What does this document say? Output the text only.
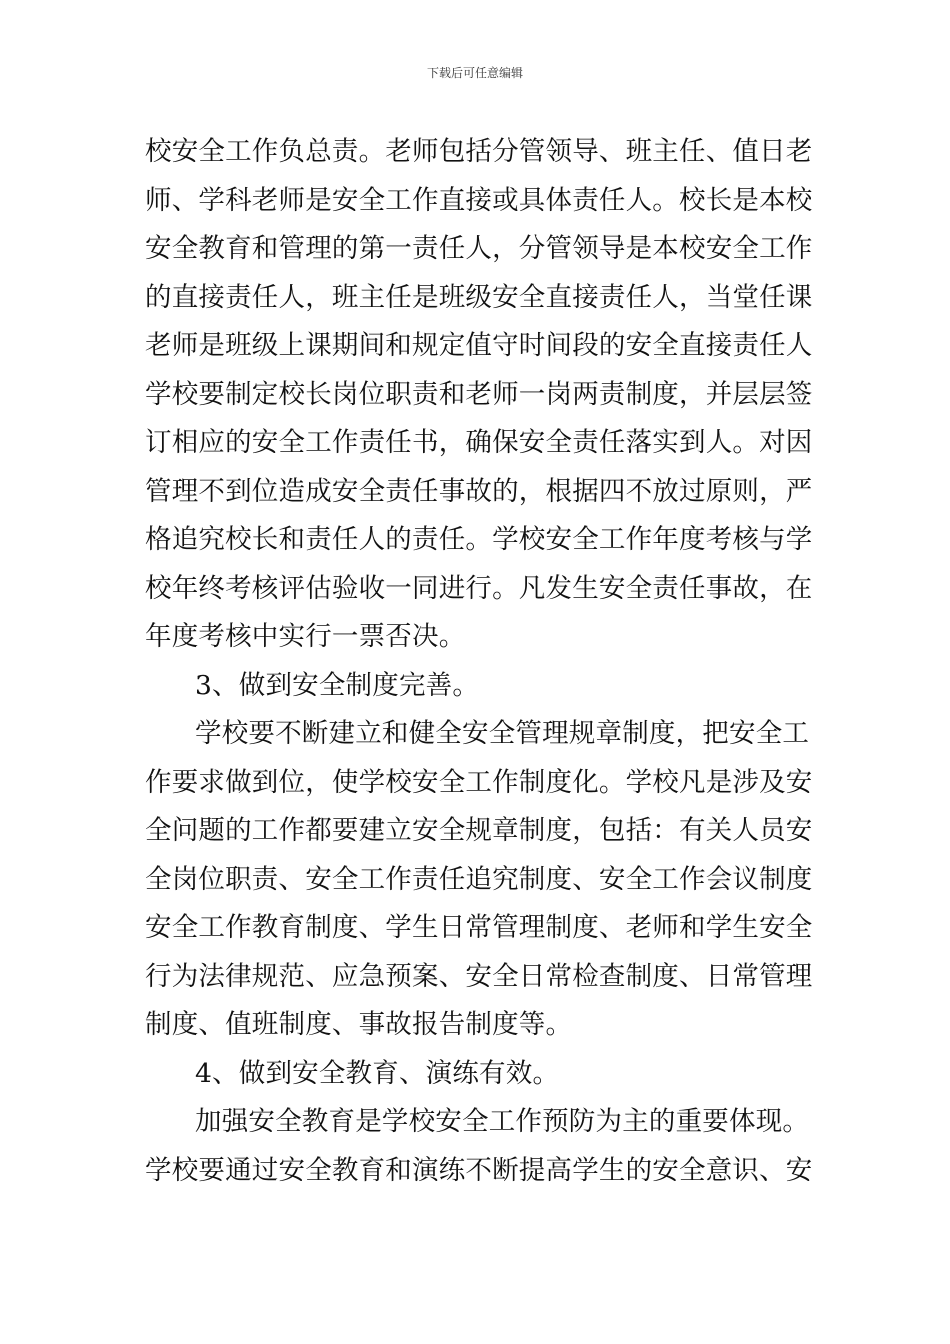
下载后可任意编辑
校安全工作负总责。老师包括分管领导、班主任、值日老
师、学科老师是安全工作直接或具体责任人。校长是本校
安全教育和管理的第一责任人，分管领导是本校安全工作
的直接责任人，班主任是班级安全直接责任人，当堂任课
老师是班级上课期间和规定值守时间段的安全直接责任人
学校要制定校长岗位职责和老师一岗两责制度，并层层签
订相应的安全工作责任书，确保安全责任落实到人。对因
管理不到位造成安全责任事故的，根据四不放过原则，严
格追究校长和责任人的责任。学校安全工作年度考核与学
校年终考核评估验收一同进行。凡发生安全责任事故，在
年度考核中实行一票否决。
3、做到安全制度完善。
学校要不断建立和健全安全管理规章制度，把安全工
作要求做到位，使学校安全工作制度化。学校凡是涉及安
全问题的工作都要建立安全规章制度，包括：有关人员安
全岗位职责、安全工作责任追究制度、安全工作会议制度
安全工作教育制度、学生日常管理制度、老师和学生安全
行为法律规范、应急预案、安全日常检查制度、日常管理
制度、值班制度、事故报告制度等。
4、做到安全教育、演练有效。
加强安全教育是学校安全工作预防为主的重要体现。
学校要通过安全教育和演练不断提高学生的安全意识、安
